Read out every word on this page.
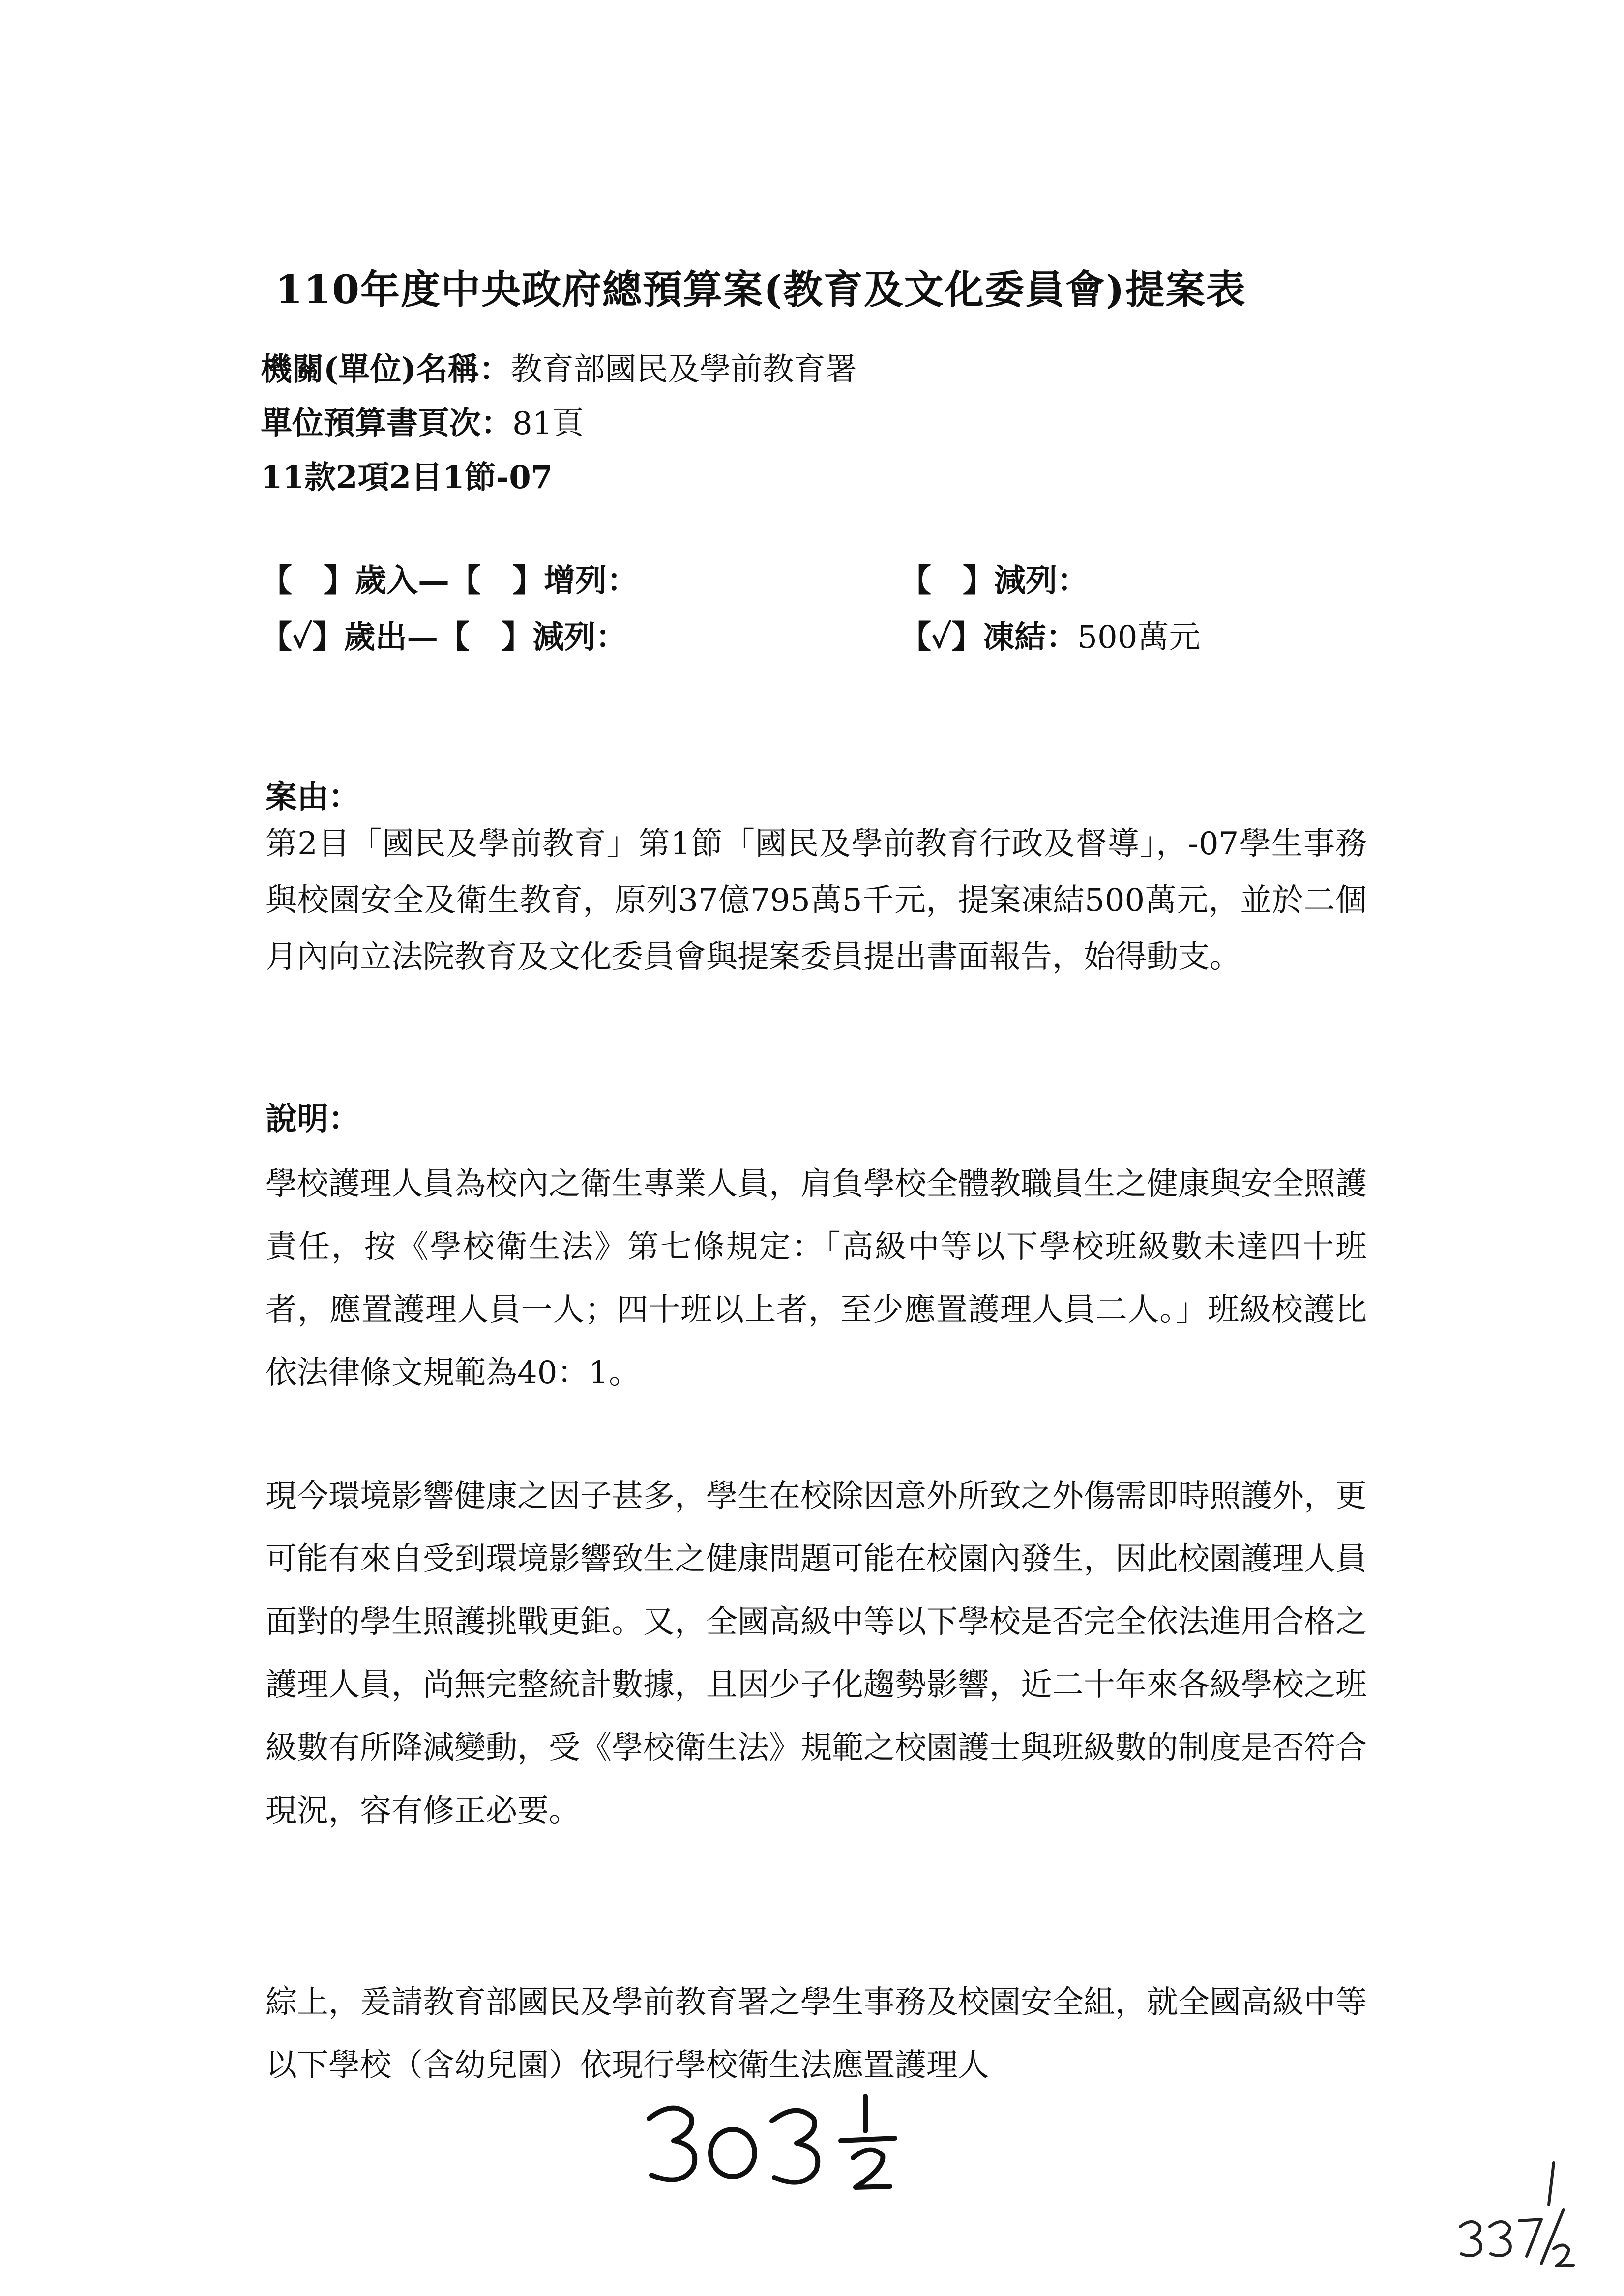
110年度中央政府總預算案(教育及文化委員會)提案表
機關(單位)名稱：教育部國民及學前教育署
單位預算書頁次：81頁
11款2項2目1節-07
【　】歲入—【　】增列：	【　】減列：
【✓】歲出—【　】減列：	【✓】凍結：500萬元
案由：
第2目「國民及學前教育」第1節「國民及學前教育行政及督導」，-07學生事務與校園安全及衛生教育，原列37億795萬5千元，提案凍結500萬元，並於二個月內向立法院教育及文化委員會與提案委員提出書面報告，始得動支。
說明：
學校護理人員為校內之衛生專業人員，肩負學校全體教職員生之健康與安全照護責任，按《學校衛生法》第七條規定：「高級中等以下學校班級數未達四十班者，應置護理人員一人；四十班以上者，至少應置護理人員二人。」班級校護比依法律條文規範為40：1。
現今環境影響健康之因子甚多，學生在校除因意外所致之外傷需即時照護外，更可能有來自受到環境影響致生之健康問題可能在校園內發生，因此校園護理人員面對的學生照護挑戰更鉅。又，全國高級中等以下學校是否完全依法進用合格之護理人員，尚無完整統計數據，且因少子化趨勢影響，近二十年來各級學校之班級數有所降減變動，受《學校衛生法》規範之校園護士與班級數的制度是否符合現況，容有修正必要。
綜上，爰請教育部國民及學前教育署之學生事務及校園安全組，就全國高級中等以下學校（含幼兒園）依現行學校衛生法應置護理人
